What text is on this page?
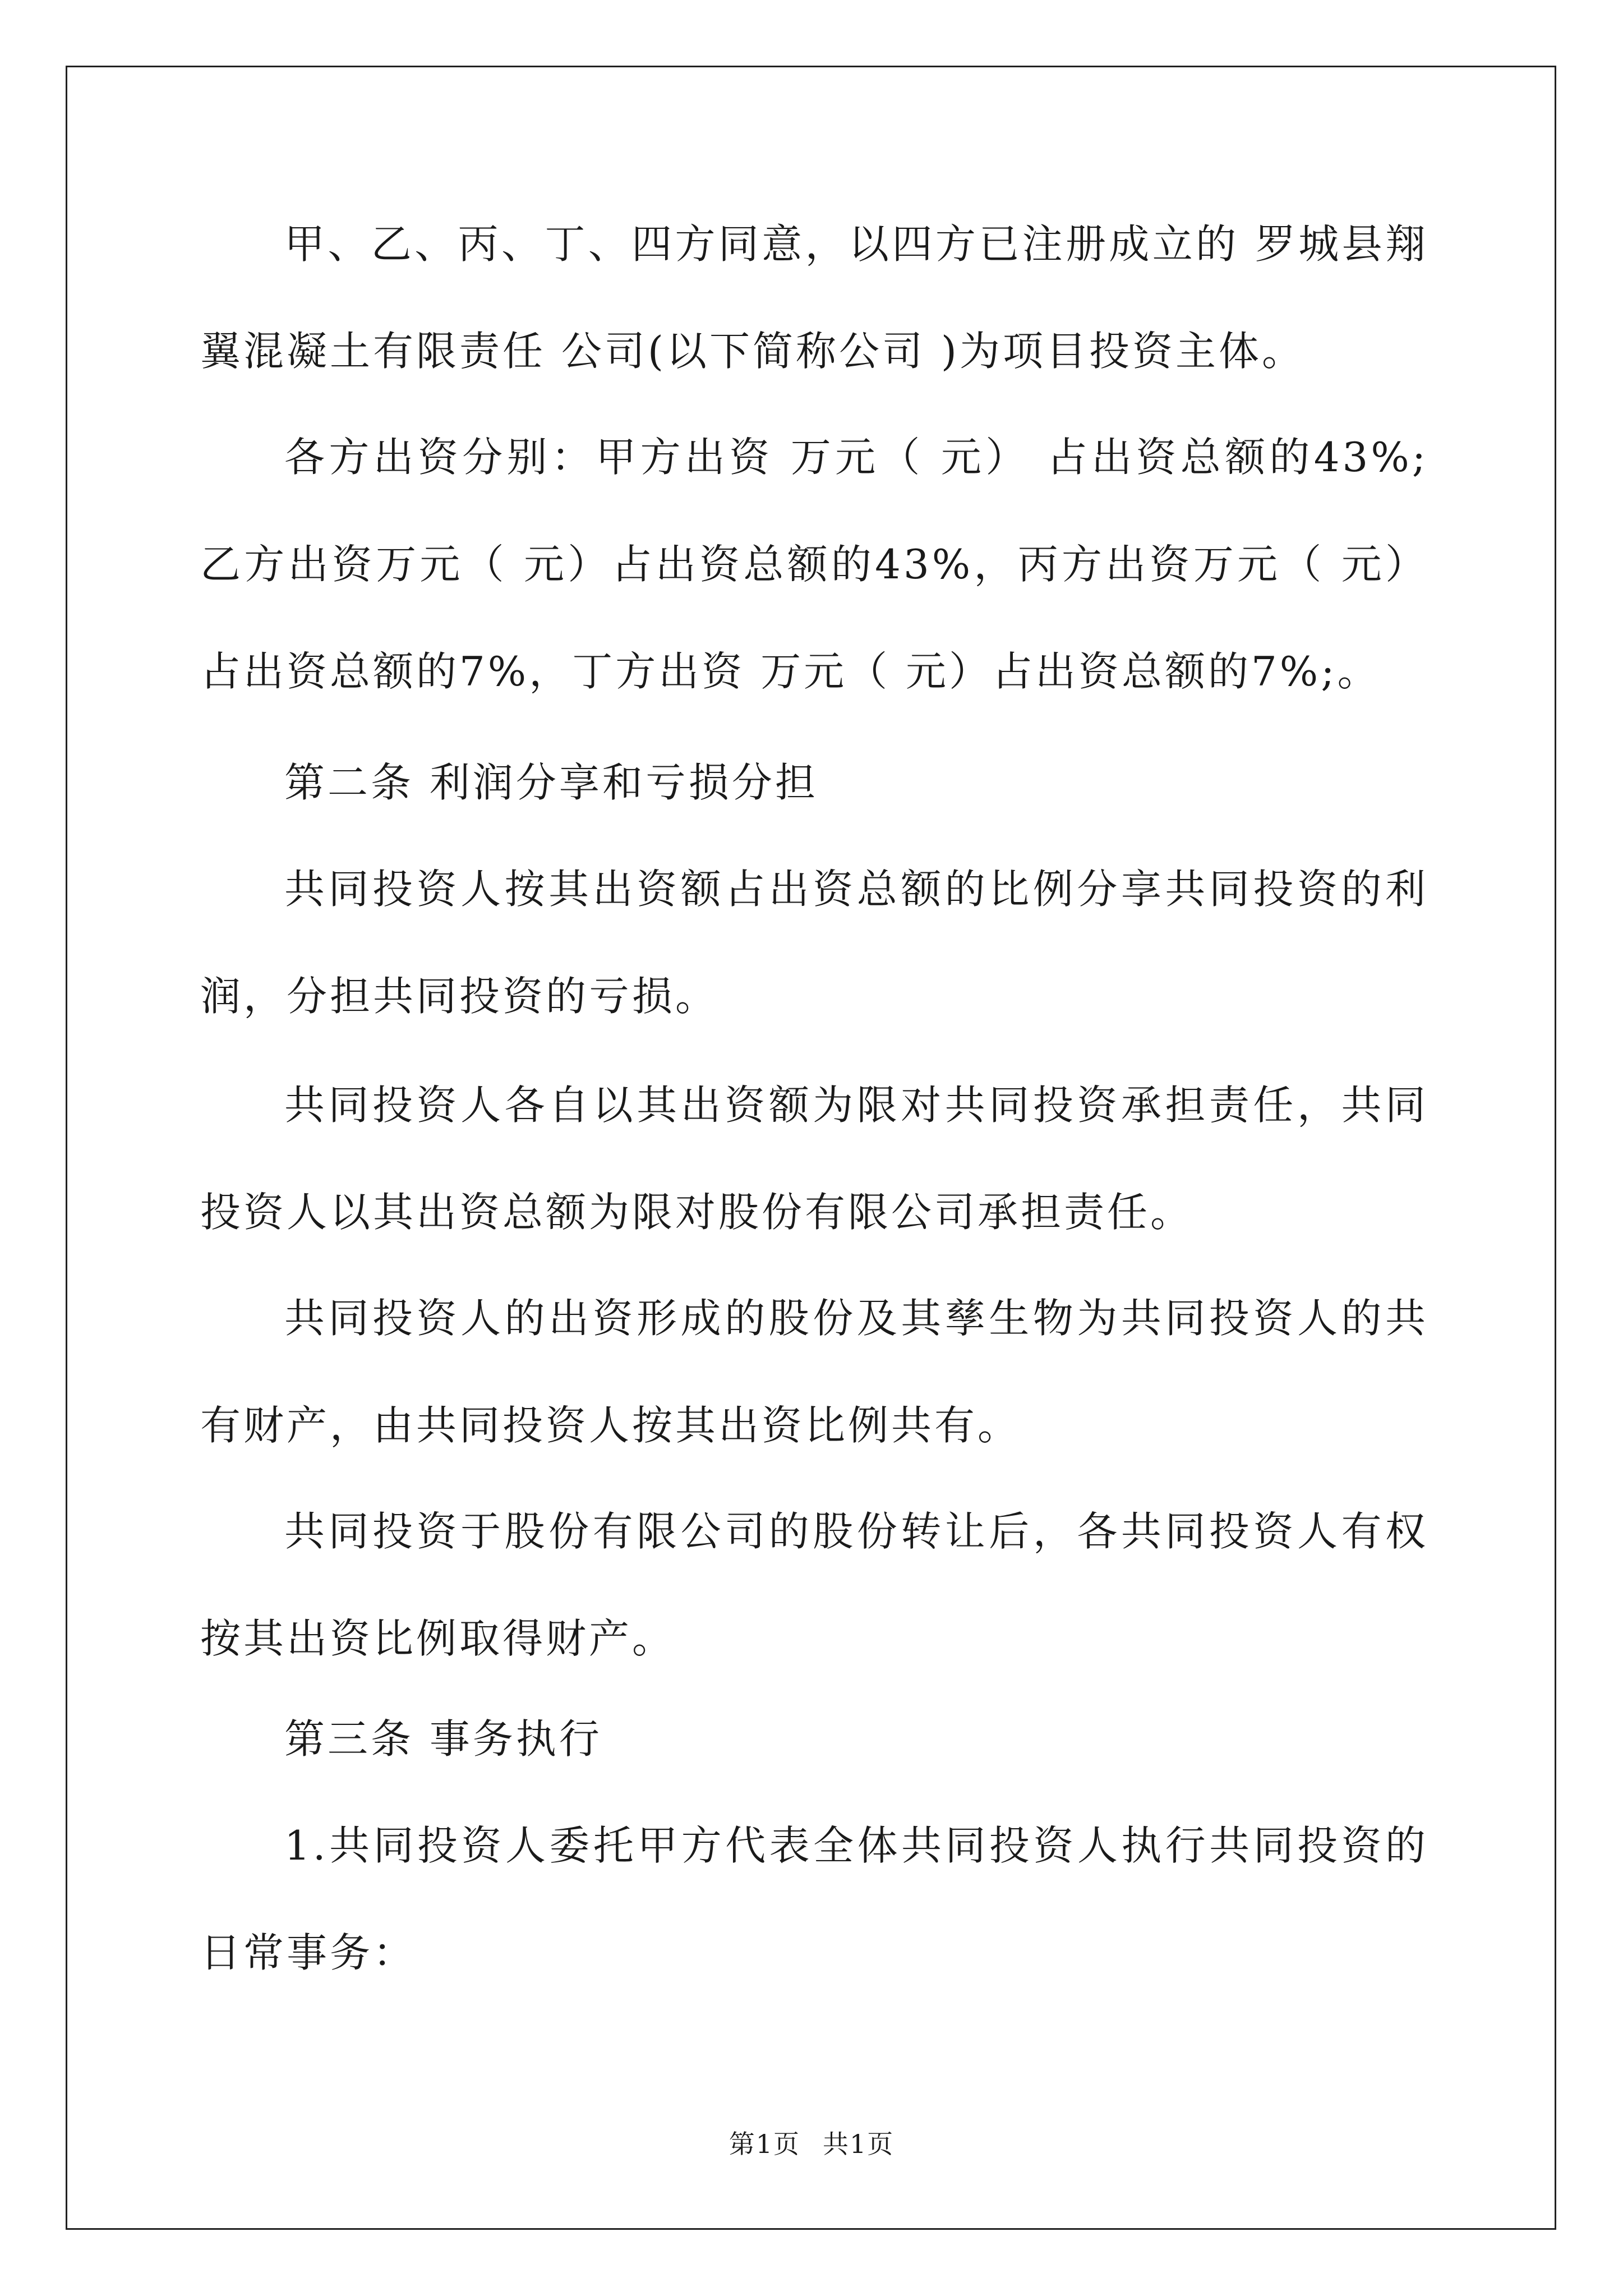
甲、乙、丙、丁、四方同意，以四方已注册成立的 罗城县翔翼混凝土有限责任 公司(以下简称公司 )为项目投资主体。

各方出资分别：甲方出资 万元（ 元） 占出资总额的43%;乙方出资万元（ 元）占出资总额的43%，丙方出资万元（ 元）占出资总额的7%，丁方出资 万元（ 元）占出资总额的7%;。

第二条 利润分享和亏损分担

共同投资人按其出资额占出资总额的比例分享共同投资的利润，分担共同投资的亏损。

共同投资人各自以其出资额为限对共同投资承担责任，共同投资人以其出资总额为限对股份有限公司承担责任。

共同投资人的出资形成的股份及其孳生物为共同投资人的共有财产，由共同投资人按其出资比例共有。

共同投资于股份有限公司的股份转让后，各共同投资人有权按其出资比例取得财产。

第三条 事务执行

1.共同投资人委托甲方代表全体共同投资人执行共同投资的日常事务：

第1页 共1页
